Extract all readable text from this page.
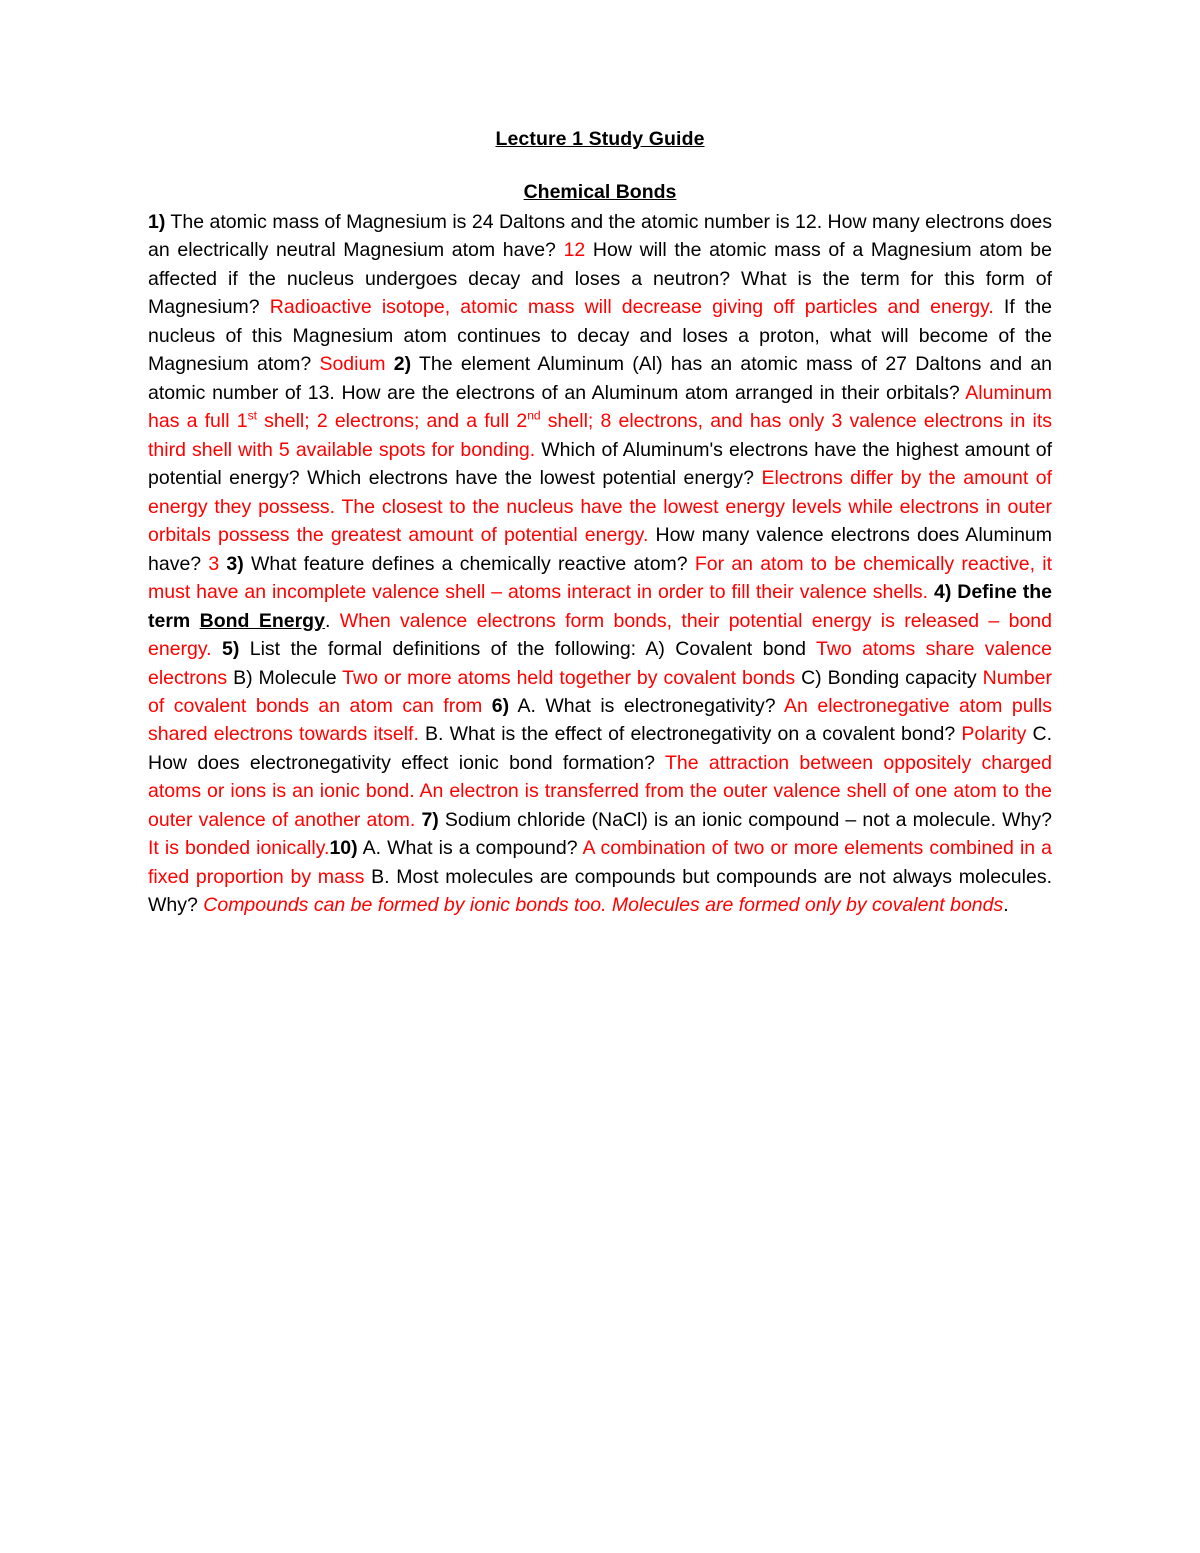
Lecture 1 Study Guide
Chemical Bonds

1) The atomic mass of Magnesium is 24 Daltons and the atomic number is 12. How many electrons does an electrically neutral Magnesium atom have? 12 How will the atomic mass of a Magnesium atom be affected if the nucleus undergoes decay and loses a neutron? What is the term for this form of Magnesium? Radioactive isotope, atomic mass will decrease giving off particles and energy. If the nucleus of this Magnesium atom continues to decay and loses a proton, what will become of the Magnesium atom? Sodium 2) The element Aluminum (Al) has an atomic mass of 27 Daltons and an atomic number of 13. How are the electrons of an Aluminum atom arranged in their orbitals? Aluminum has a full 1st shell; 2 electrons; and a full 2nd shell; 8 electrons, and has only 3 valence electrons in its third shell with 5 available spots for bonding. Which of Aluminum's electrons have the highest amount of potential energy? Which electrons have the lowest potential energy? Electrons differ by the amount of energy they possess. The closest to the nucleus have the lowest energy levels while electrons in outer orbitals possess the greatest amount of potential energy. How many valence electrons does Aluminum have? 3 3) What feature defines a chemically reactive atom? For an atom to be chemically reactive, it must have an incomplete valence shell – atoms interact in order to fill their valence shells. 4) Define the term Bond Energy. When valence electrons form bonds, their potential energy is released – bond energy. 5) List the formal definitions of the following: A) Covalent bond Two atoms share valence electrons B) Molecule Two or more atoms held together by covalent bonds C) Bonding capacity Number of covalent bonds an atom can from 6) A. What is electronegativity? An electronegative atom pulls shared electrons towards itself. B. What is the effect of electronegativity on a covalent bond? Polarity C. How does electronegativity effect ionic bond formation? The attraction between oppositely charged atoms or ions is an ionic bond. An electron is transferred from the outer valence shell of one atom to the outer valence of another atom. 7) Sodium chloride (NaCl) is an ionic compound – not a molecule. Why? It is bonded ionically.10) A. What is a compound? A combination of two or more elements combined in a fixed proportion by mass B. Most molecules are compounds but compounds are not always molecules. Why? Compounds can be formed by ionic bonds too. Molecules are formed only by covalent bonds.
